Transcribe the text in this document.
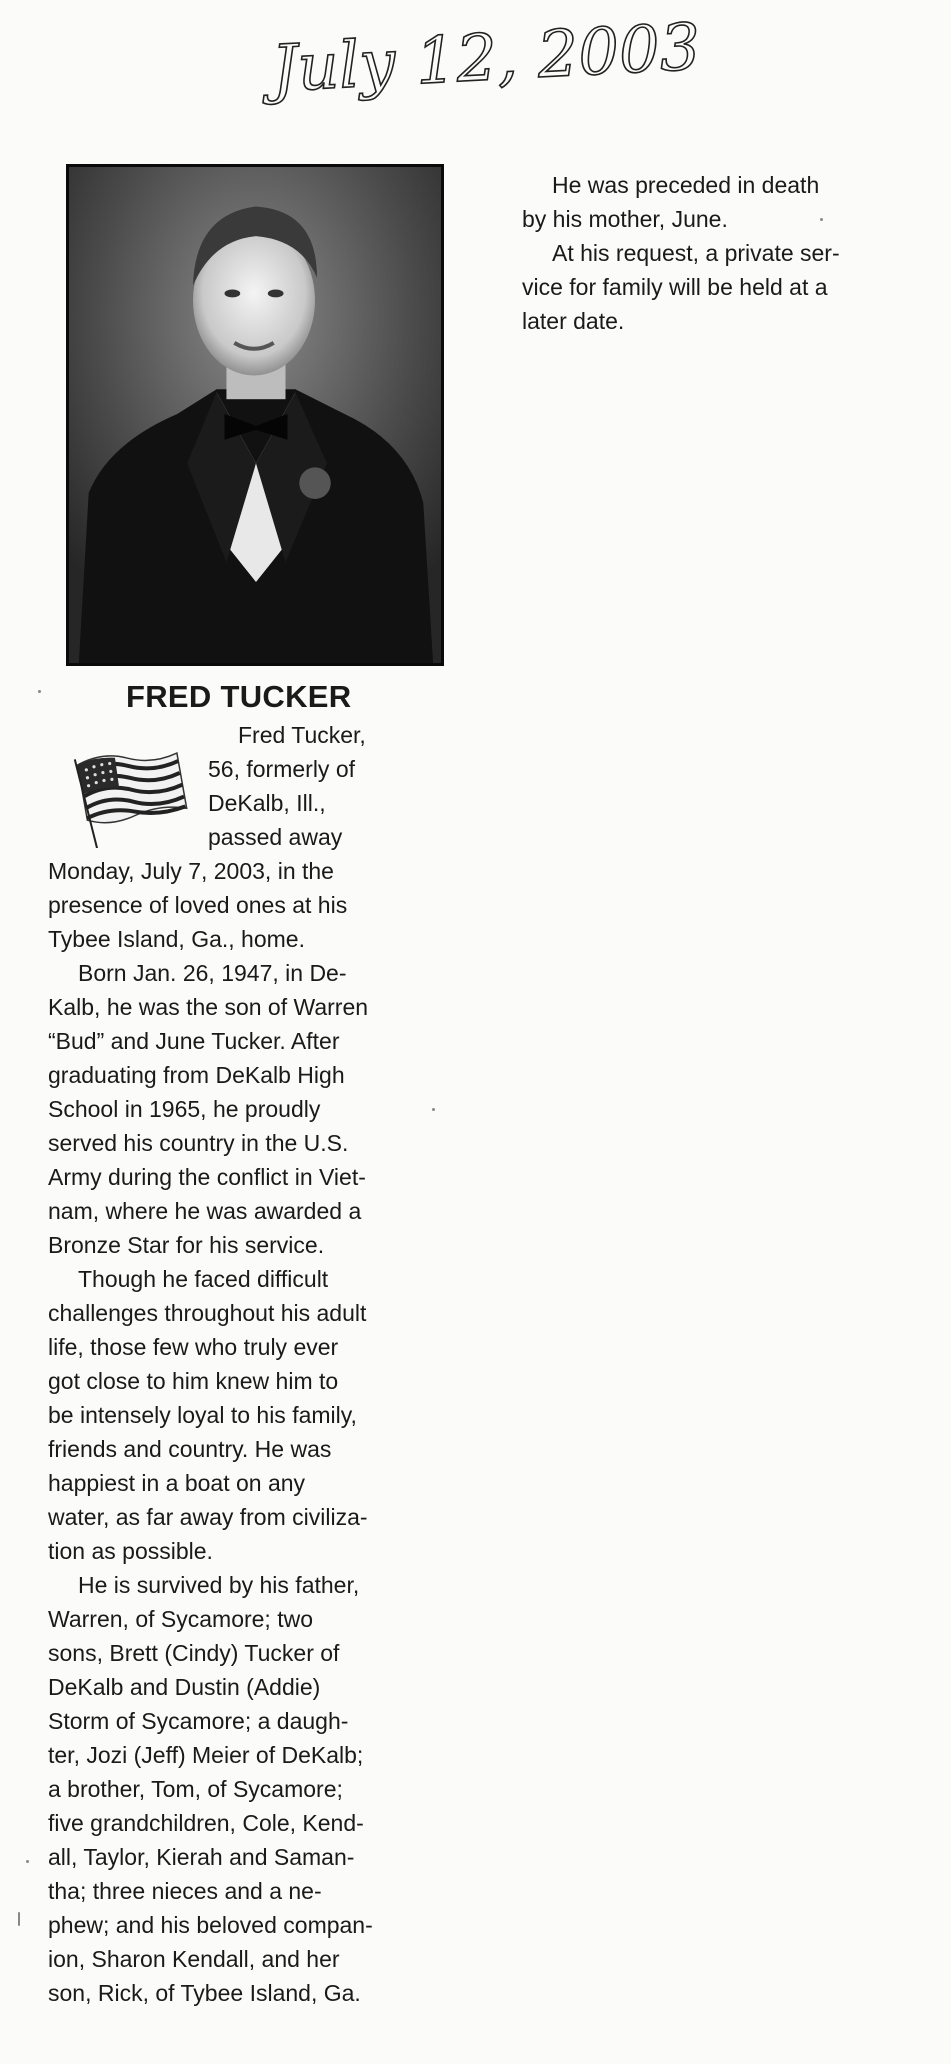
July 12, 2003
FRED TUCKER
Fred Tucker,
56, formerly of
DeKalb, Ill.,
passed away
Monday, July 7, 2003, in the
presence of loved ones at his
Tybee Island, Ga., home.
Born Jan. 26, 1947, in De-
Kalb, he was the son of Warren
“Bud” and June Tucker. After
graduating from DeKalb High
School in 1965, he proudly
served his country in the U.S.
Army during the conflict in Viet-
nam, where he was awarded a
Bronze Star for his service.
Though he faced difficult
challenges throughout his adult
life, those few who truly ever
got close to him knew him to
be intensely loyal to his family,
friends and country. He was
happiest in a boat on any
water, as far away from civiliza-
tion as possible.
He is survived by his father,
Warren, of Sycamore; two
sons, Brett (Cindy) Tucker of
DeKalb and Dustin (Addie)
Storm of Sycamore; a daugh-
ter, Jozi (Jeff) Meier of DeKalb;
a brother, Tom, of Sycamore;
five grandchildren, Cole, Kend-
all, Taylor, Kierah and Saman-
tha; three nieces and a ne-
phew; and his beloved compan-
ion, Sharon Kendall, and her
son, Rick, of Tybee Island, Ga.
He was preceded in death
by his mother, June.
At his request, a private ser-
vice for family will be held at a
later date.
